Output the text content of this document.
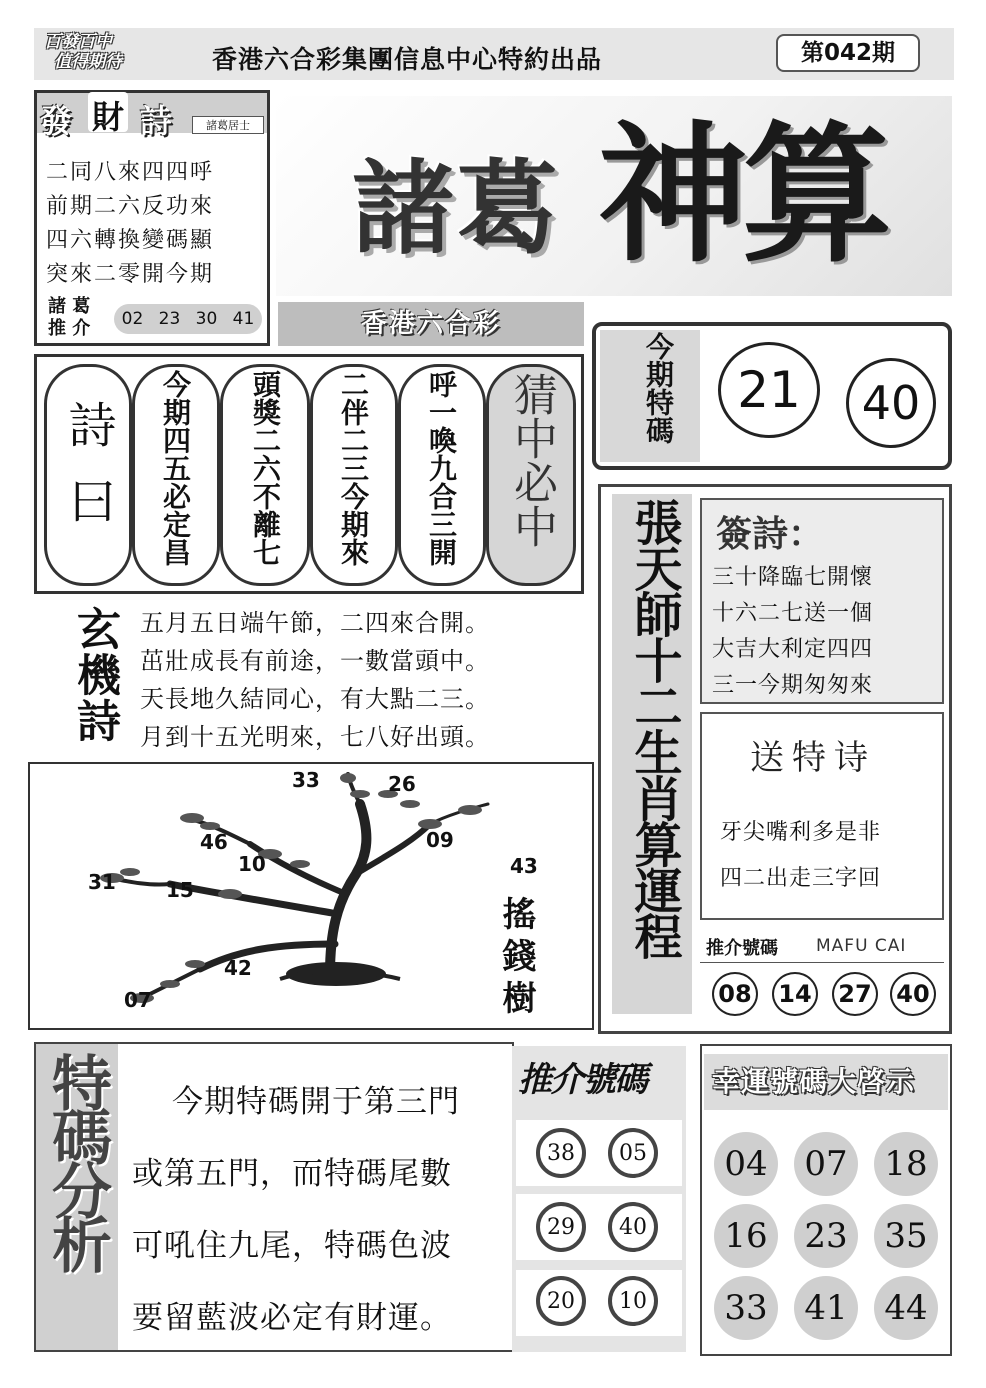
百發百中
值得期待	香港六合彩集團信息中心特約出品	第042期
發 財 詩	諸葛居士
二同八來四四呼
前期二六反功來
四六轉換變碼顯
突來二零開今期
諸 葛
推 介	02 23 30 41
諸葛 神算
香港六合彩
今期特碼	21	40
詩曰 今期四五必定昌 頭獎二六不離七 二伴二三今期來 呼一喚九合三開 猜中必中
玄機詩 五月五日端午節，二四來合開。
茁壯成長有前途，一數當頭中。
天長地久結同心，有大點二三。
月到十五光明來，七八好出頭。
33	26
46
10
09
43
31	15
42
07	搖錢樹
張天師十二生肖算運程 簽詩：
三十降臨七開懷
十六二七送一個
大吉大利定四四
三一今期匆匆來
送特诗
牙尖嘴利多是非
四二出走三字回
推介號碼 MAFU CAI
08 14 27 40
特碼分析	今期特碼開于第三門
或第五門，而特碼尾數
可吼住九尾，特碼色波
要留藍波必定有財運。
推介號碼
38	05
29	40
20	10
幸運號碼大啓示
04	07	18
16	23	35
33	41	44
